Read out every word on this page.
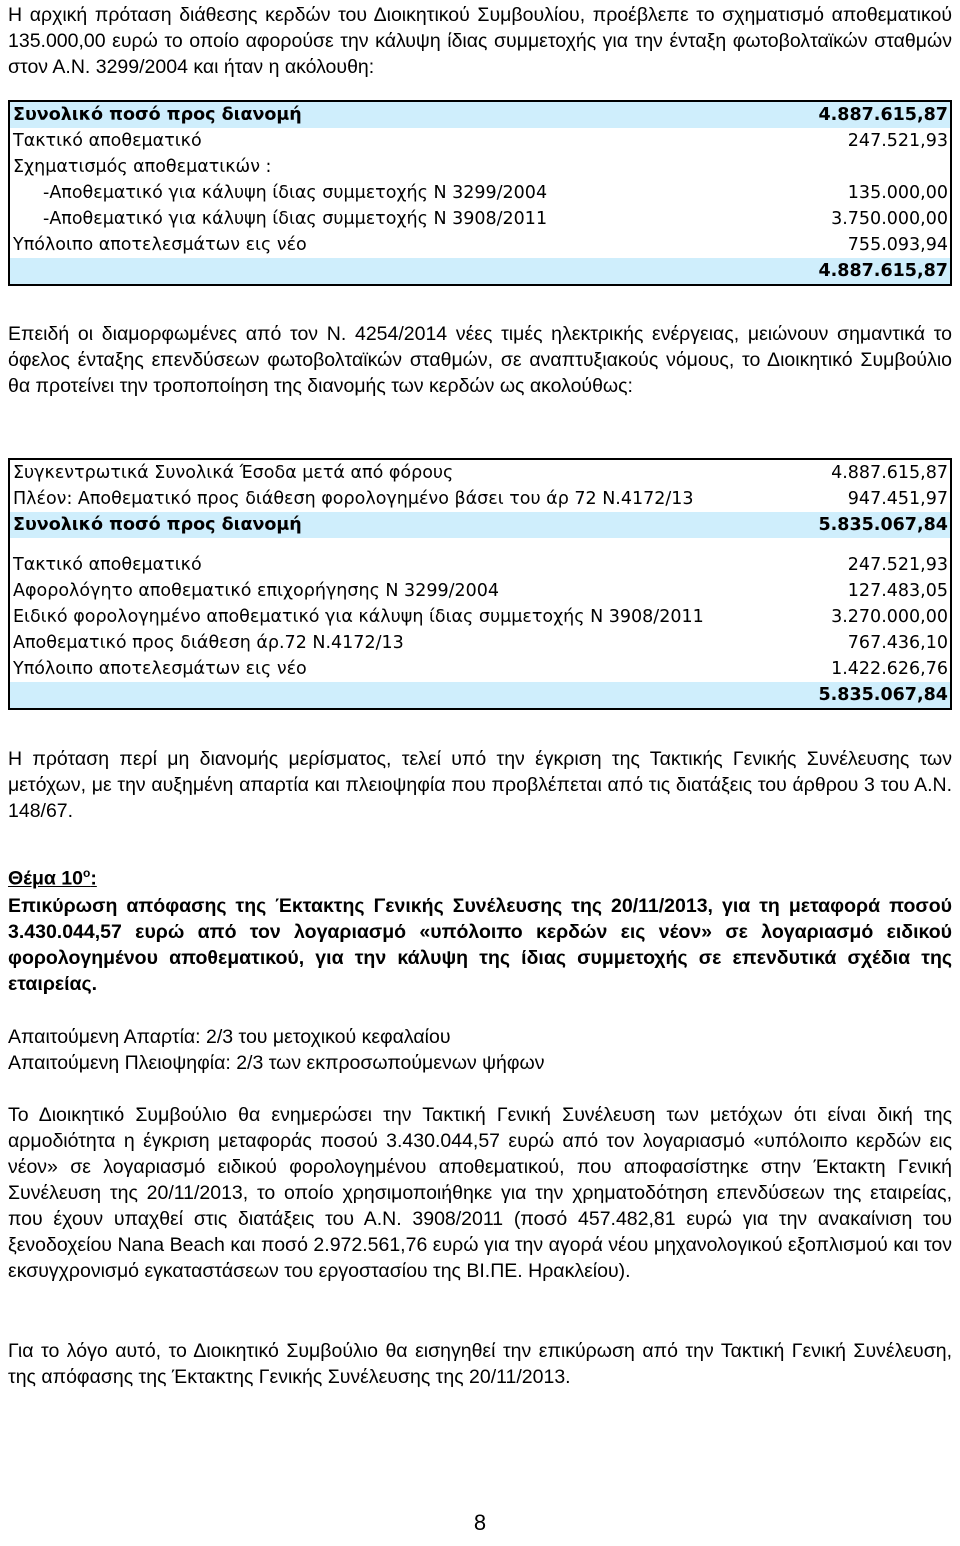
Η αρχική πρόταση διάθεσης κερδών του Διοικητικού Συμβουλίου, προέβλεπε το σχηματισμό αποθεματικού 135.000,00 ευρώ το οποίο αφορούσε την κάλυψη ίδιας συμμετοχής για την ένταξη φωτοβολταϊκών σταθμών στον Α.Ν. 3299/2004 και ήταν η ακόλουθη:

Συνολικό ποσό προς διανομή	4.887.615,87
Τακτικό αποθεματικό	247.521,93
Σχηματισμός αποθεματικών :
-Αποθεματικό για κάλυψη ίδιας συμμετοχής Ν 3299/2004	135.000,00
-Αποθεματικό για κάλυψη ίδιας συμμετοχής Ν 3908/2011	3.750.000,00
Υπόλοιπο αποτελεσμάτων εις νέο	755.093,94
4.887.615,87

Επειδή οι διαμορφωμένες από τον Ν. 4254/2014 νέες τιμές ηλεκτρικής ενέργειας, μειώνουν σημαντικά το όφελος ένταξης επενδύσεων φωτοβολταϊκών σταθμών, σε αναπτυξιακούς νόμους, το Διοικητικό Συμβούλιο θα προτείνει την τροποποίηση της διανομής των κερδών ως ακολούθως:

Συγκεντρωτικά Συνολικά Έσοδα μετά από φόρους	4.887.615,87
Πλέον: Αποθεματικό προς διάθεση φορολογημένο βάσει του άρ 72 Ν.4172/13	947.451,97
Συνολικό ποσό προς διανομή	5.835.067,84
Τακτικό αποθεματικό	247.521,93
Αφορολόγητο αποθεματικό επιχορήγησης Ν 3299/2004	127.483,05
Ειδικό φορολογημένο αποθεματικό για κάλυψη ίδιας συμμετοχής Ν 3908/2011	3.270.000,00
Αποθεματικό προς διάθεση άρ.72 Ν.4172/13	767.436,10
Υπόλοιπο αποτελεσμάτων εις νέο	1.422.626,76
5.835.067,84

Η πρόταση περί μη διανομής μερίσματος, τελεί υπό την έγκριση της Τακτικής Γενικής Συνέλευσης των μετόχων, με την αυξημένη απαρτία και πλειοψηφία που προβλέπεται από τις διατάξεις του άρθρου 3 του Α.Ν. 148/67.

Θέμα $10^o$:

Επικύρωση απόφασης της Έκτακτης Γενικής Συνέλευσης της 20/11/2013, για τη μεταφορά ποσού 3.430.044,57 ευρώ από τον λογαριασμό «υπόλοιπο κερδών εις νέον» σε λογαριασμό ειδικού φορολογημένου αποθεματικού, για την κάλυψη της ίδιας συμμετοχής σε επενδυτικά σχέδια της εταιρείας.

Απαιτούμενη Απαρτία: 2/3 του μετοχικού κεφαλαίου

Απαιτούμενη Πλειοψηφία: 2/3 των εκπροσωπούμενων ψήφων

Το Διοικητικό Συμβούλιο θα ενημερώσει την Τακτική Γενική Συνέλευση των μετόχων ότι είναι δική της αρμοδιότητα η έγκριση μεταφοράς ποσού 3.430.044,57 ευρώ από τον λογαριασμό «υπόλοιπο κερδών εις νέον» σε λογαριασμό ειδικού φορολογημένου αποθεματικού, που αποφασίστηκε στην Έκτακτη Γενική Συνέλευση της 20/11/2013, το οποίο χρησιμοποιήθηκε για την χρηματοδότηση επενδύσεων της εταιρείας, που έχουν υπαχθεί στις διατάξεις του Α.Ν. 3908/2011 (ποσό 457.482,81 ευρώ για την ανακαίνιση του ξενοδοχείου Nana Beach και ποσό 2.972.561,76 ευρώ για την αγορά νέου μηχανολογικού εξοπλισμού και τον εκσυγχρονισμό εγκαταστάσεων του εργοστασίου της ΒΙ.ΠΕ. Ηρακλείου).

Για το λόγο αυτό, το Διοικητικό Συμβούλιο θα εισηγηθεί την επικύρωση από την Τακτική Γενική Συνέλευση, της απόφασης της Έκτακτης Γενικής Συνέλευσης της 20/11/2013.

8
